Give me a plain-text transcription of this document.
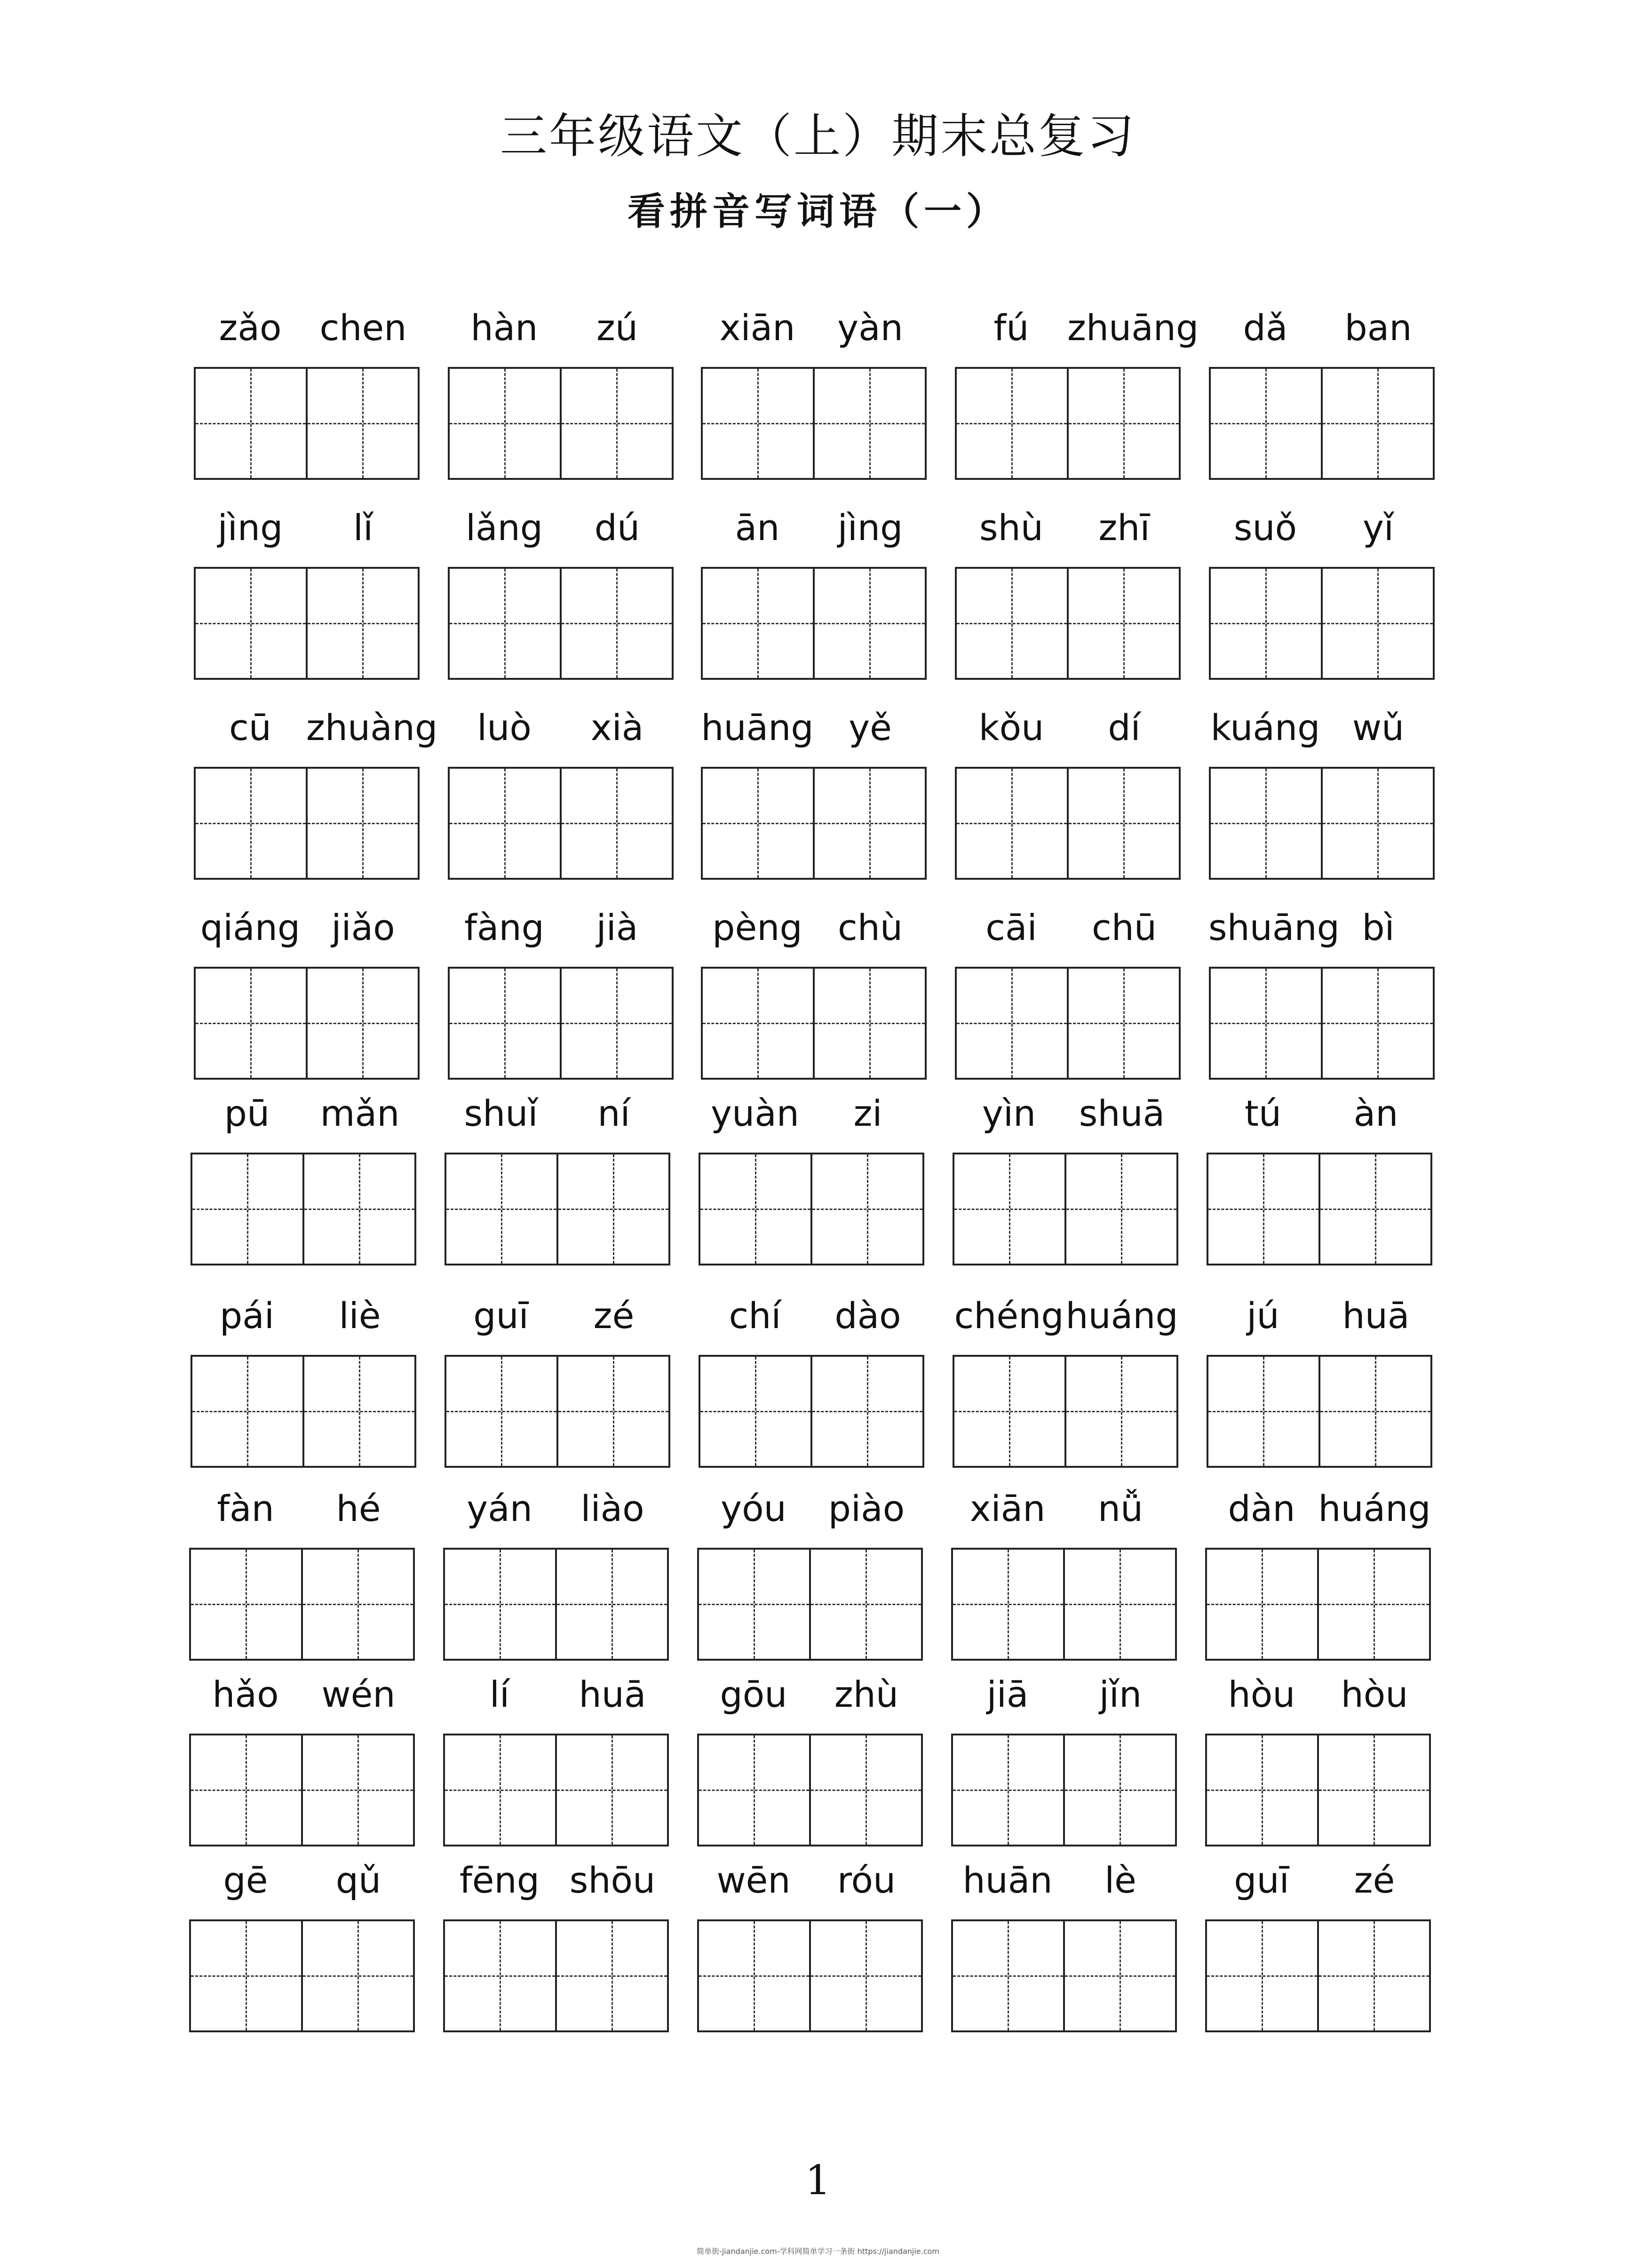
三年级语文（上）期末总复习
看拼音写词语（一）
zǎo	chen	hàn	zú	xiān	yàn	fú	zhuāng	dǎ	ban
jìng	lǐ	lǎng	dú	ān	jìng	shù	zhī	suǒ	yǐ
cū zhuàng	luò	xià	huāng yě	kǒu	dí	kuáng wǔ
qiáng jiǎo	fàng	jià	pèng chù	cāi	chū	shuāng bì
pū	mǎn	shuǐ	ní	yuàn	zi	yìn	shuā	tú	àn
pái	liè	guī	zé	chí	dào	chéng huáng	jú	huā
fàn	hé	yán	liào	yóu	piào	xiān	nǚ	dàn huáng
hǎo	wén	lí	huā	gōu	zhù	jiā	jǐn	hòu	hòu
gē	qǔ	fēng shōu	wēn	róu	huān	lè	guī	zé
1
简单街-jiandanjie.com-学科网简单学习一条街 https://jiandanjie.com
